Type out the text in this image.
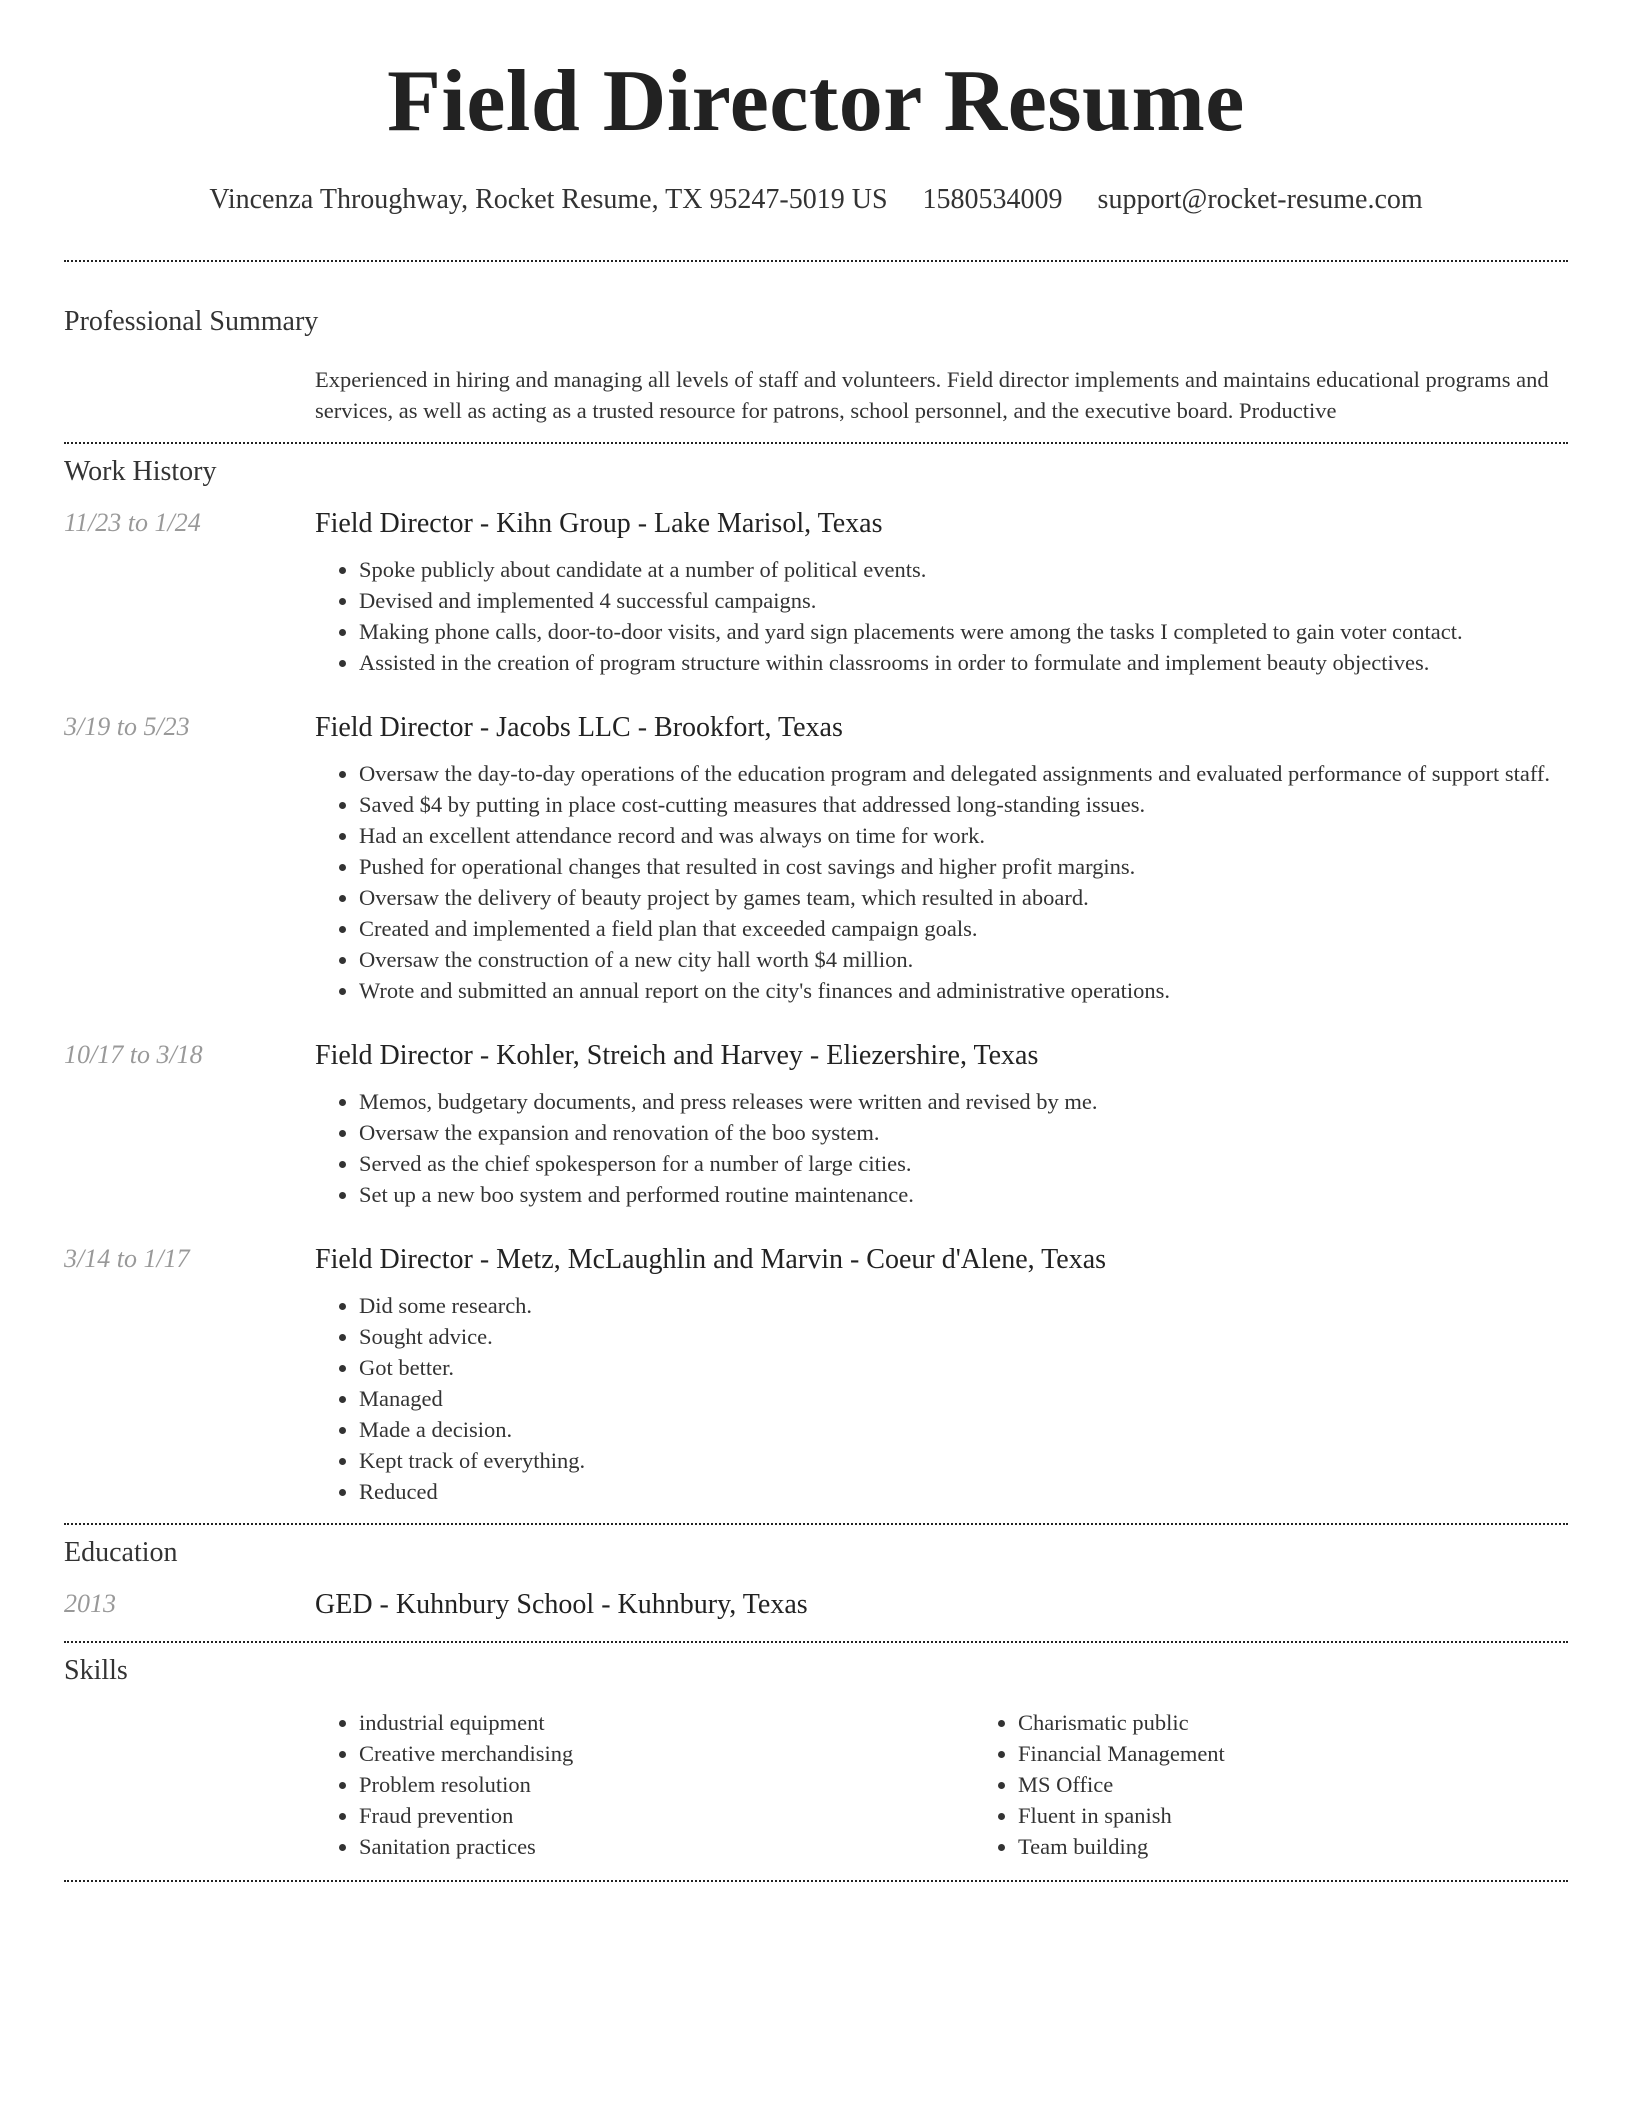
Field Director Resume
Vincenza Throughway, Rocket Resume, TX 95247-5019 US 1580534009 support@rocket-resume.com
Professional Summary
Experienced in hiring and managing all levels of staff and volunteers. Field director implements and maintains educational programs and services, as well as acting as a trusted resource for patrons, school personnel, and the executive board. Productive
Work History
11/23 to 1/24	Field Director - Kihn Group - Lake Marisol, Texas
• Spoke publicly about candidate at a number of political events.
• Devised and implemented 4 successful campaigns.
• Making phone calls, door-to-door visits, and yard sign placements were among the tasks I completed to gain voter contact.
• Assisted in the creation of program structure within classrooms in order to formulate and implement beauty objectives.
3/19 to 5/23	Field Director - Jacobs LLC - Brookfort, Texas
• Oversaw the day-to-day operations of the education program and delegated assignments and evaluated performance of support staff.
• Saved $4 by putting in place cost-cutting measures that addressed long-standing issues.
• Had an excellent attendance record and was always on time for work.
• Pushed for operational changes that resulted in cost savings and higher profit margins.
• Oversaw the delivery of beauty project by games team, which resulted in aboard.
• Created and implemented a field plan that exceeded campaign goals.
• Oversaw the construction of a new city hall worth $4 million.
• Wrote and submitted an annual report on the city's finances and administrative operations.
10/17 to 3/18	Field Director - Kohler, Streich and Harvey - Eliezershire, Texas
• Memos, budgetary documents, and press releases were written and revised by me.
• Oversaw the expansion and renovation of the boo system.
• Served as the chief spokesperson for a number of large cities.
• Set up a new boo system and performed routine maintenance.
3/14 to 1/17	Field Director - Metz, McLaughlin and Marvin - Coeur d'Alene, Texas
• Did some research.
• Sought advice.
• Got better.
• Managed
• Made a decision.
• Kept track of everything.
• Reduced
Education
2013	GED - Kuhnbury School - Kuhnbury, Texas
Skills
• industrial equipment
• Creative merchandising
• Problem resolution
• Fraud prevention
• Sanitation practices
• Charismatic public
• Financial Management
• MS Office
• Fluent in spanish
• Team building
